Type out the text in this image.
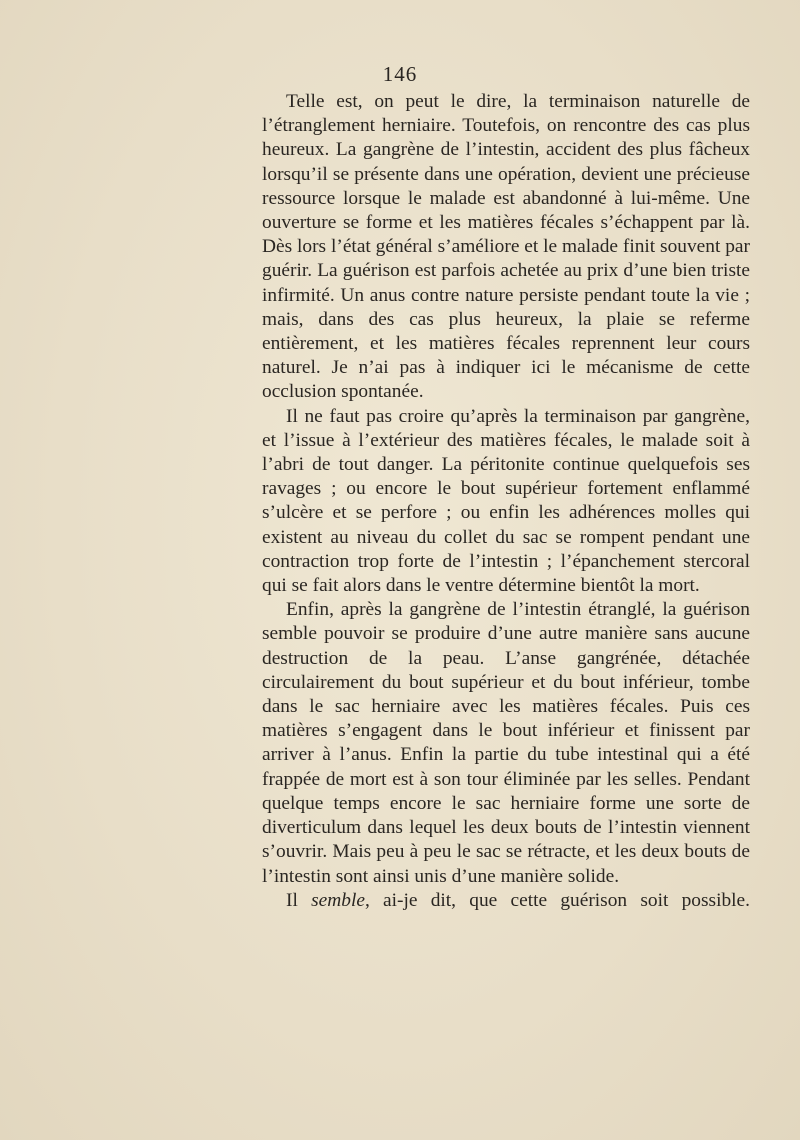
146

Telle est, on peut le dire, la terminaison naturelle de l’étranglement herniaire. Toutefois, on rencontre des cas plus heureux. La gangrène de l’intestin, accident des plus fâcheux lorsqu’il se présente dans une opération, devient une précieuse ressource lorsque le malade est abandonné à lui-même. Une ouverture se forme et les matières fécales s’échappent par là. Dès lors l’état général s’améliore et le malade finit souvent par guérir. La guérison est parfois achetée au prix d’une bien triste infirmité. Un anus contre nature persiste pendant toute la vie ; mais, dans des cas plus heureux, la plaie se referme entièrement, et les matières fécales reprennent leur cours naturel. Je n’ai pas à indiquer ici le mécanisme de cette occlusion spontanée.

Il ne faut pas croire qu’après la terminaison par gangrène, et l’issue à l’extérieur des matières fécales, le malade soit à l’abri de tout danger. La péritonite continue quelquefois ses ravages ; ou encore le bout supérieur fortement enflammé s’ulcère et se perfore ; ou enfin les adhérences molles qui existent au niveau du collet du sac se rompent pendant une contraction trop forte de l’intestin ; l’épanchement stercoral qui se fait alors dans le ventre détermine bientôt la mort.

Enfin, après la gangrène de l’intestin étranglé, la guérison semble pouvoir se produire d’une autre manière sans aucune destruction de la peau. L’anse gangrénée, détachée circulairement du bout supérieur et du bout inférieur, tombe dans le sac herniaire avec les matières fécales. Puis ces matières s’engagent dans le bout inférieur et finissent par arriver à l’anus. Enfin la partie du tube intestinal qui a été frappée de mort est à son tour éliminée par les selles. Pendant quelque temps encore le sac herniaire forme une sorte de diverticulum dans lequel les deux bouts de l’intestin viennent s’ouvrir. Mais peu à peu le sac se rétracte, et les deux bouts de l’intestin sont ainsi unis d’une manière solide.

Il semble, ai-je dit, que cette guérison soit possible.
